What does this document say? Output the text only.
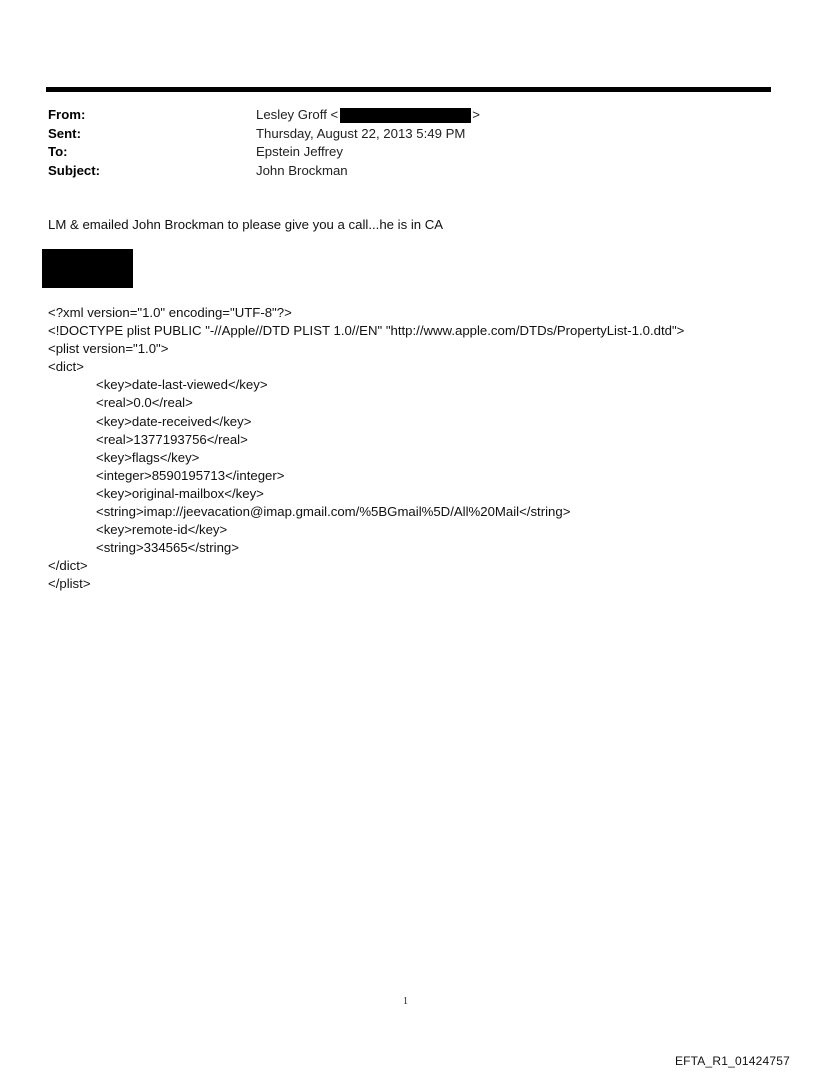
From:	Lesley Groff
<	>
Sent:	Thursday, August 22, 2013 5:49 PM
To:	Epstein Jeffrey
Subject:	John Brockman
LM & emailed John Brockman to please give you a call...he is in CA
<?xml version="1.0" encoding="UTF-8"?>
<!DOCTYPE plist PUBLIC "-//Apple//DTD PLIST 1.0//EN" "http://www.apple.com/DTDs/PropertyList-1.0.dtd">
<plist version="1.0">
<dict>
<key>date-last-viewed</key>
<real>0.0</real>
<key>date-received</key>
<real>1377193756</real>
<key>flags</key>
<integer>8590195713</integer>
<key>original-mailbox</key>
<string>imap://jeevacation@imap.gmail.com/%5BGmail%5D/All%20Mail</string>
<key>remote-id</key>
<string>334565</string>
</dict>
</plist>
1
EFTA_R1_01424757
